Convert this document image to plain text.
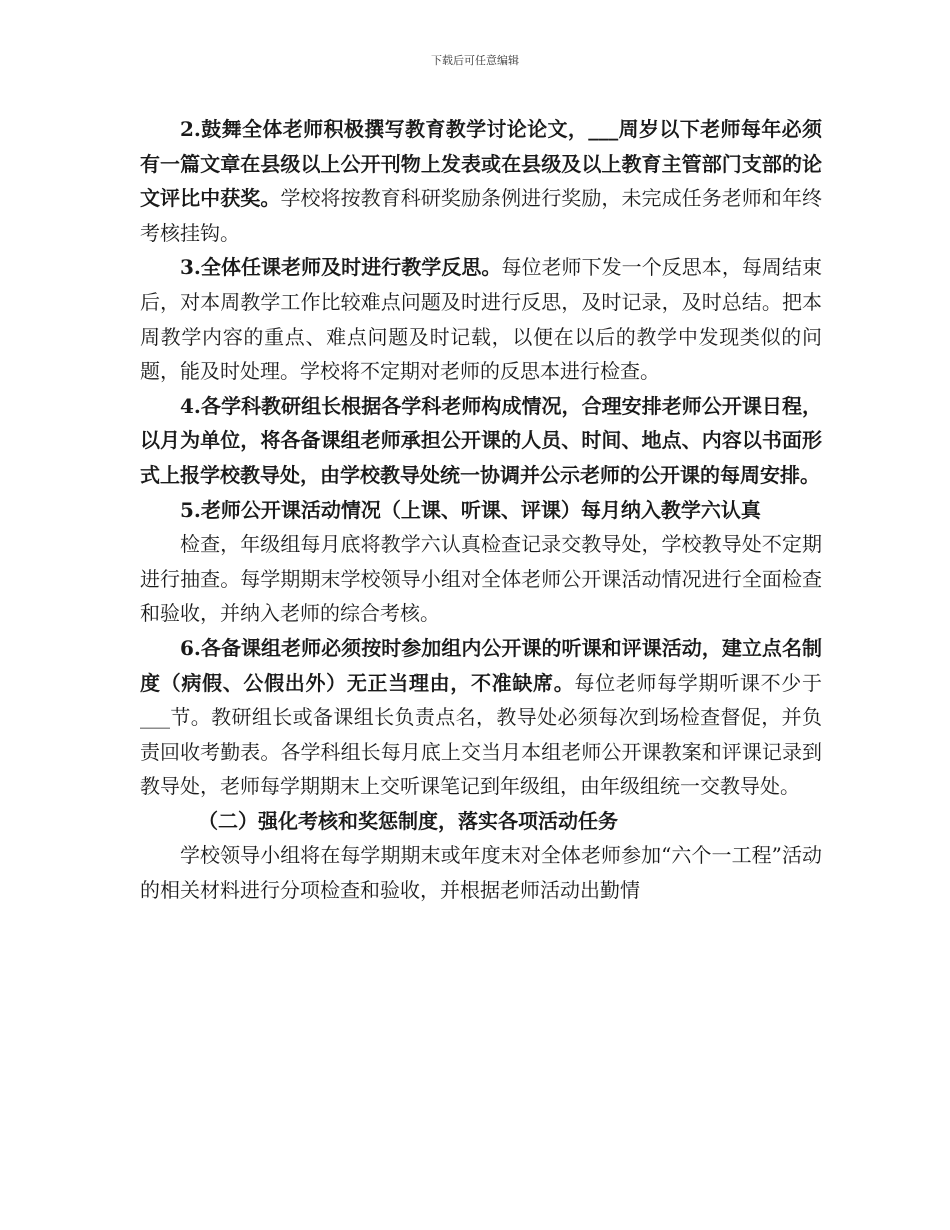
下载后可任意编辑

2.鼓舞全体老师积极撰写教育教学讨论论文，___周岁以下老师每年必须有一篇文章在县级以上公开刊物上发表或在县级及以上教育主管部门支部的论文评比中获奖。学校将按教育科研奖励条例进行奖励，未完成任务老师和年终考核挂钩。

3.全体任课老师及时进行教学反思。每位老师下发一个反思本，每周结束后，对本周教学工作比较难点问题及时进行反思，及时记录，及时总结。把本周教学内容的重点、难点问题及时记载，以便在以后的教学中发现类似的问题，能及时处理。学校将不定期对老师的反思本进行检查。

4.各学科教研组长根据各学科老师构成情况，合理安排老师公开课日程，以月为单位，将各备课组老师承担公开课的人员、时间、地点、内容以书面形式上报学校教导处，由学校教导处统一协调并公示老师的公开课的每周安排。

5.老师公开课活动情况（上课、听课、评课）每月纳入教学六认真

检查，年级组每月底将教学六认真检查记录交教导处，学校教导处不定期进行抽查。每学期期末学校领导小组对全体老师公开课活动情况进行全面检查和验收，并纳入老师的综合考核。

6.各备课组老师必须按时参加组内公开课的听课和评课活动，建立点名制度（病假、公假出外）无正当理由，不准缺席。每位老师每学期听课不少于___节。教研组长或备课组长负责点名，教导处必须每次到场检查督促，并负责回收考勤表。各学科组长每月底上交当月本组老师公开课教案和评课记录到教导处，老师每学期期末上交听课笔记到年级组，由年级组统一交教导处。

（二）强化考核和奖惩制度，落实各项活动任务

学校领导小组将在每学期期末或年度末对全体老师参加“六个一工程”活动的相关材料进行分项检查和验收，并根据老师活动出勤情
